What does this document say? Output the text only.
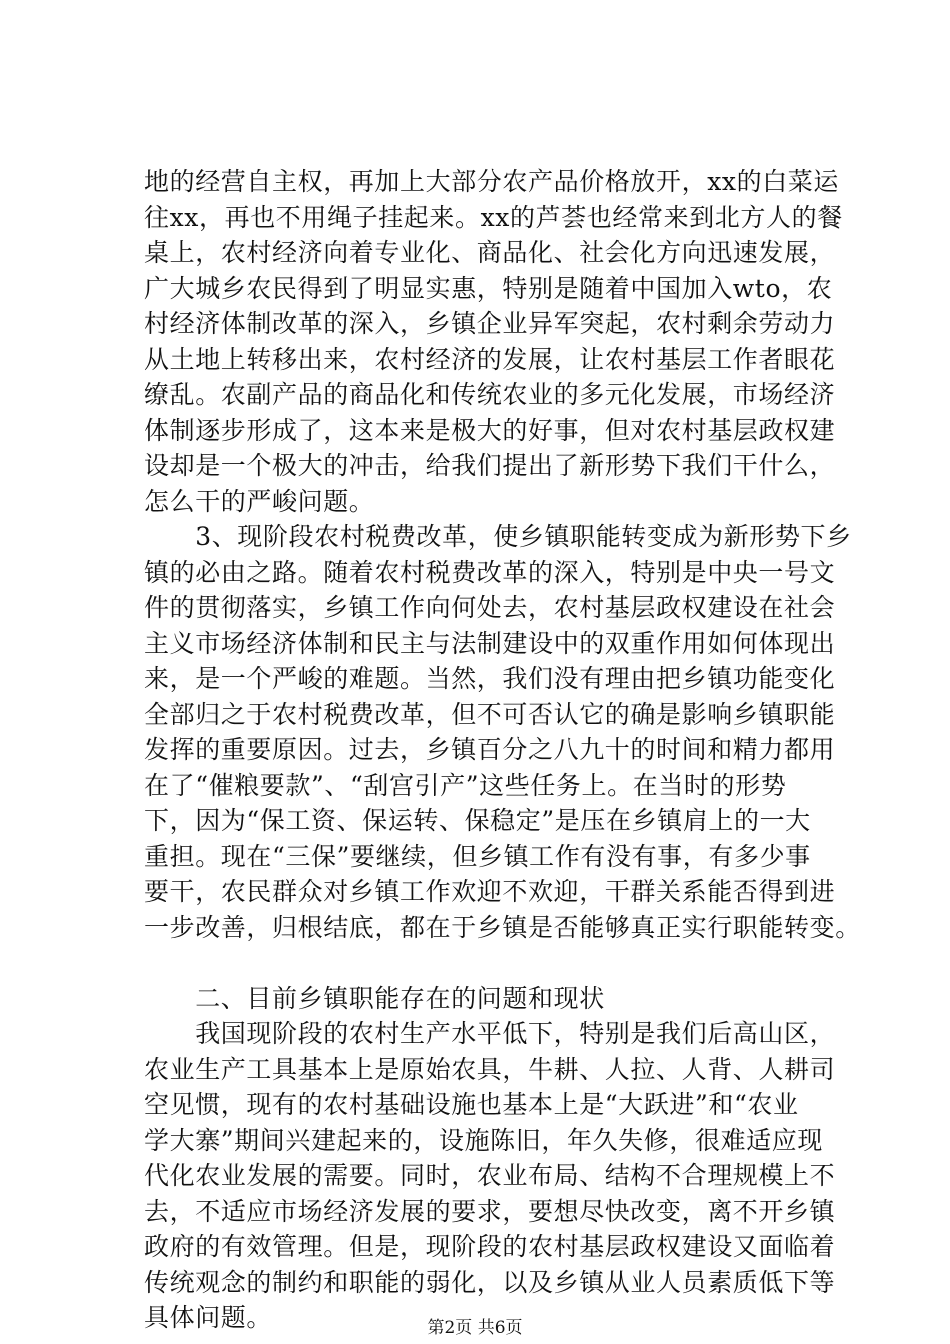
地的经营自主权，再加上大部分农产品价格放开，xx的白菜运
往xx，再也不用绳子挂起来。xx的芦荟也经常来到北方人的餐
桌上，农村经济向着专业化、商品化、社会化方向迅速发展，
广大城乡农民得到了明显实惠，特别是随着中国加入wto，农
村经济体制改革的深入，乡镇企业异军突起，农村剩余劳动力
从土地上转移出来，农村经济的发展，让农村基层工作者眼花
缭乱。农副产品的商品化和传统农业的多元化发展，市场经济
体制逐步形成了，这本来是极大的好事，但对农村基层政权建
设却是一个极大的冲击，给我们提出了新形势下我们干什么，
怎么干的严峻问题。
　　3、现阶段农村税费改革，使乡镇职能转变成为新形势下乡
镇的必由之路。随着农村税费改革的深入，特别是中央一号文
件的贯彻落实，乡镇工作向何处去，农村基层政权建设在社会
主义市场经济体制和民主与法制建设中的双重作用如何体现出
来，是一个严峻的难题。当然，我们没有理由把乡镇功能变化
全部归之于农村税费改革，但不可否认它的确是影响乡镇职能
发挥的重要原因。过去，乡镇百分之八九十的时间和精力都用
在了“催粮要款”、“刮宫引产”这些任务上。在当时的形势
下，因为“保工资、保运转、保稳定”是压在乡镇肩上的一大
重担。现在“三保”要继续，但乡镇工作有没有事，有多少事
要干，农民群众对乡镇工作欢迎不欢迎，干群关系能否得到进
一步改善，归根结底，都在于乡镇是否能够真正实行职能转变。
　　二、目前乡镇职能存在的问题和现状
　　我国现阶段的农村生产水平低下，特别是我们后高山区，
农业生产工具基本上是原始农具，牛耕、人拉、人背、人耕司
空见惯，现有的农村基础设施也基本上是“大跃进”和“农业
学大寨”期间兴建起来的，设施陈旧，年久失修，很难适应现
代化农业发展的需要。同时，农业布局、结构不合理规模上不
去，不适应市场经济发展的要求，要想尽快改变，离不开乡镇
政府的有效管理。但是，现阶段的农村基层政权建设又面临着
传统观念的制约和职能的弱化，以及乡镇从业人员素质低下等
具体问题。	第2页 共6页
